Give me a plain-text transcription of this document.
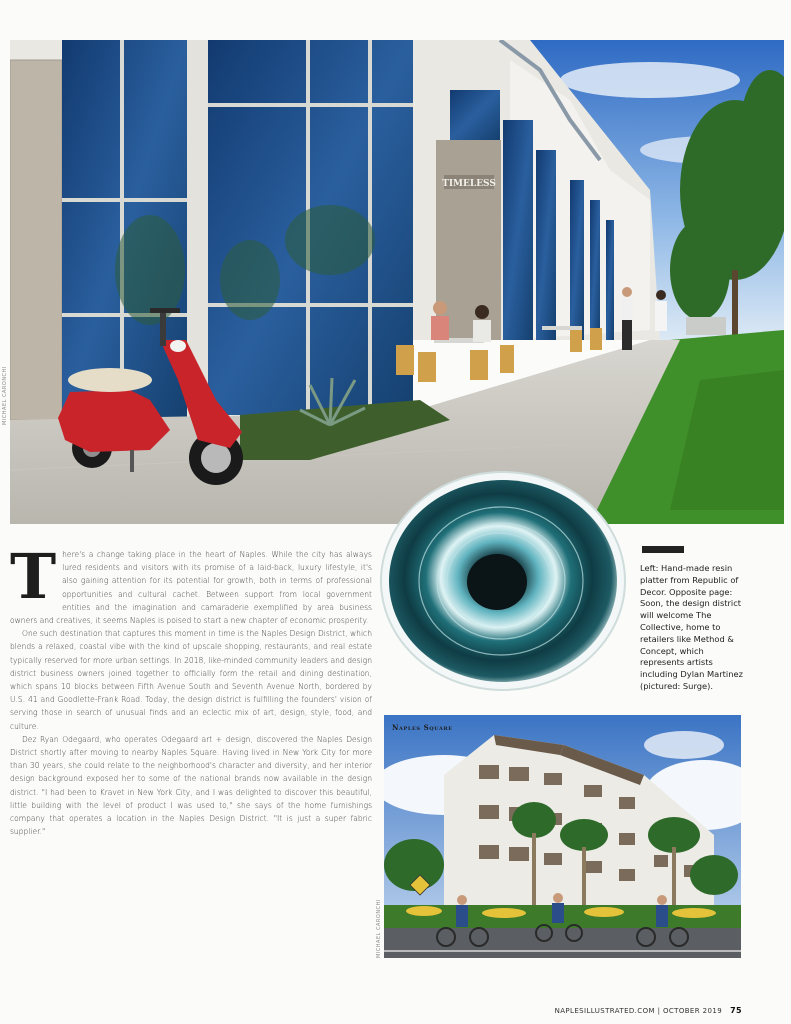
TIMELESS
MICHAEL CARONCHI
Left: Hand-made resin platter from Republic of Decor. Opposite page: Soon, the design district will welcome The Collective, home to retailers like Method & Concept, which represents artists including Dylan Martinez (pictured: Surge).

There's a change taking place in the heart of Naples. While the city has always lured residents and visitors with its promise of a laid-back, luxury lifestyle, it's also gaining attention for its potential for growth, both in terms of professional opportunities and cultural cachet. Between support from local government entities and the imagination and camaraderie exemplified by area business owners and creatives, it seems Naples is poised to start a new chapter of economic prosperity.

One such destination that captures this moment in time is the Naples Design District, which blends a relaxed, coastal vibe with the kind of upscale shopping, restaurants, and real estate typically reserved for more urban settings. In 2018, like-minded community leaders and design district business owners joined together to officially form the retail and dining destination, which spans 10 blocks between Fifth Avenue South and Seventh Avenue North, bordered by U.S. 41 and Goodlette-Frank Road. Today, the design district is fulfilling the founders' vision of serving those in search of unusual finds and an eclectic mix of art, design, style, food, and culture.

Dez Ryan Odegaard, who operates Odegaard art + design, discovered the Naples Design District shortly after moving to nearby Naples Square. Having lived in New York City for more than 30 years, she could relate to the neighborhood's character and diversity, and her interior design background exposed her to some of the national brands now available in the design district. "I had been to Kravet in New York City, and I was delighted to discover this beautiful, little building with the level of product I was used to," she says of the home furnishings company that operates a location in the Naples Design District. "It is just a super fabric supplier."

Naples Square
MICHAEL CARONCHI
NAPLESILLUSTRATED.COM | OCTOBER 2019 75
